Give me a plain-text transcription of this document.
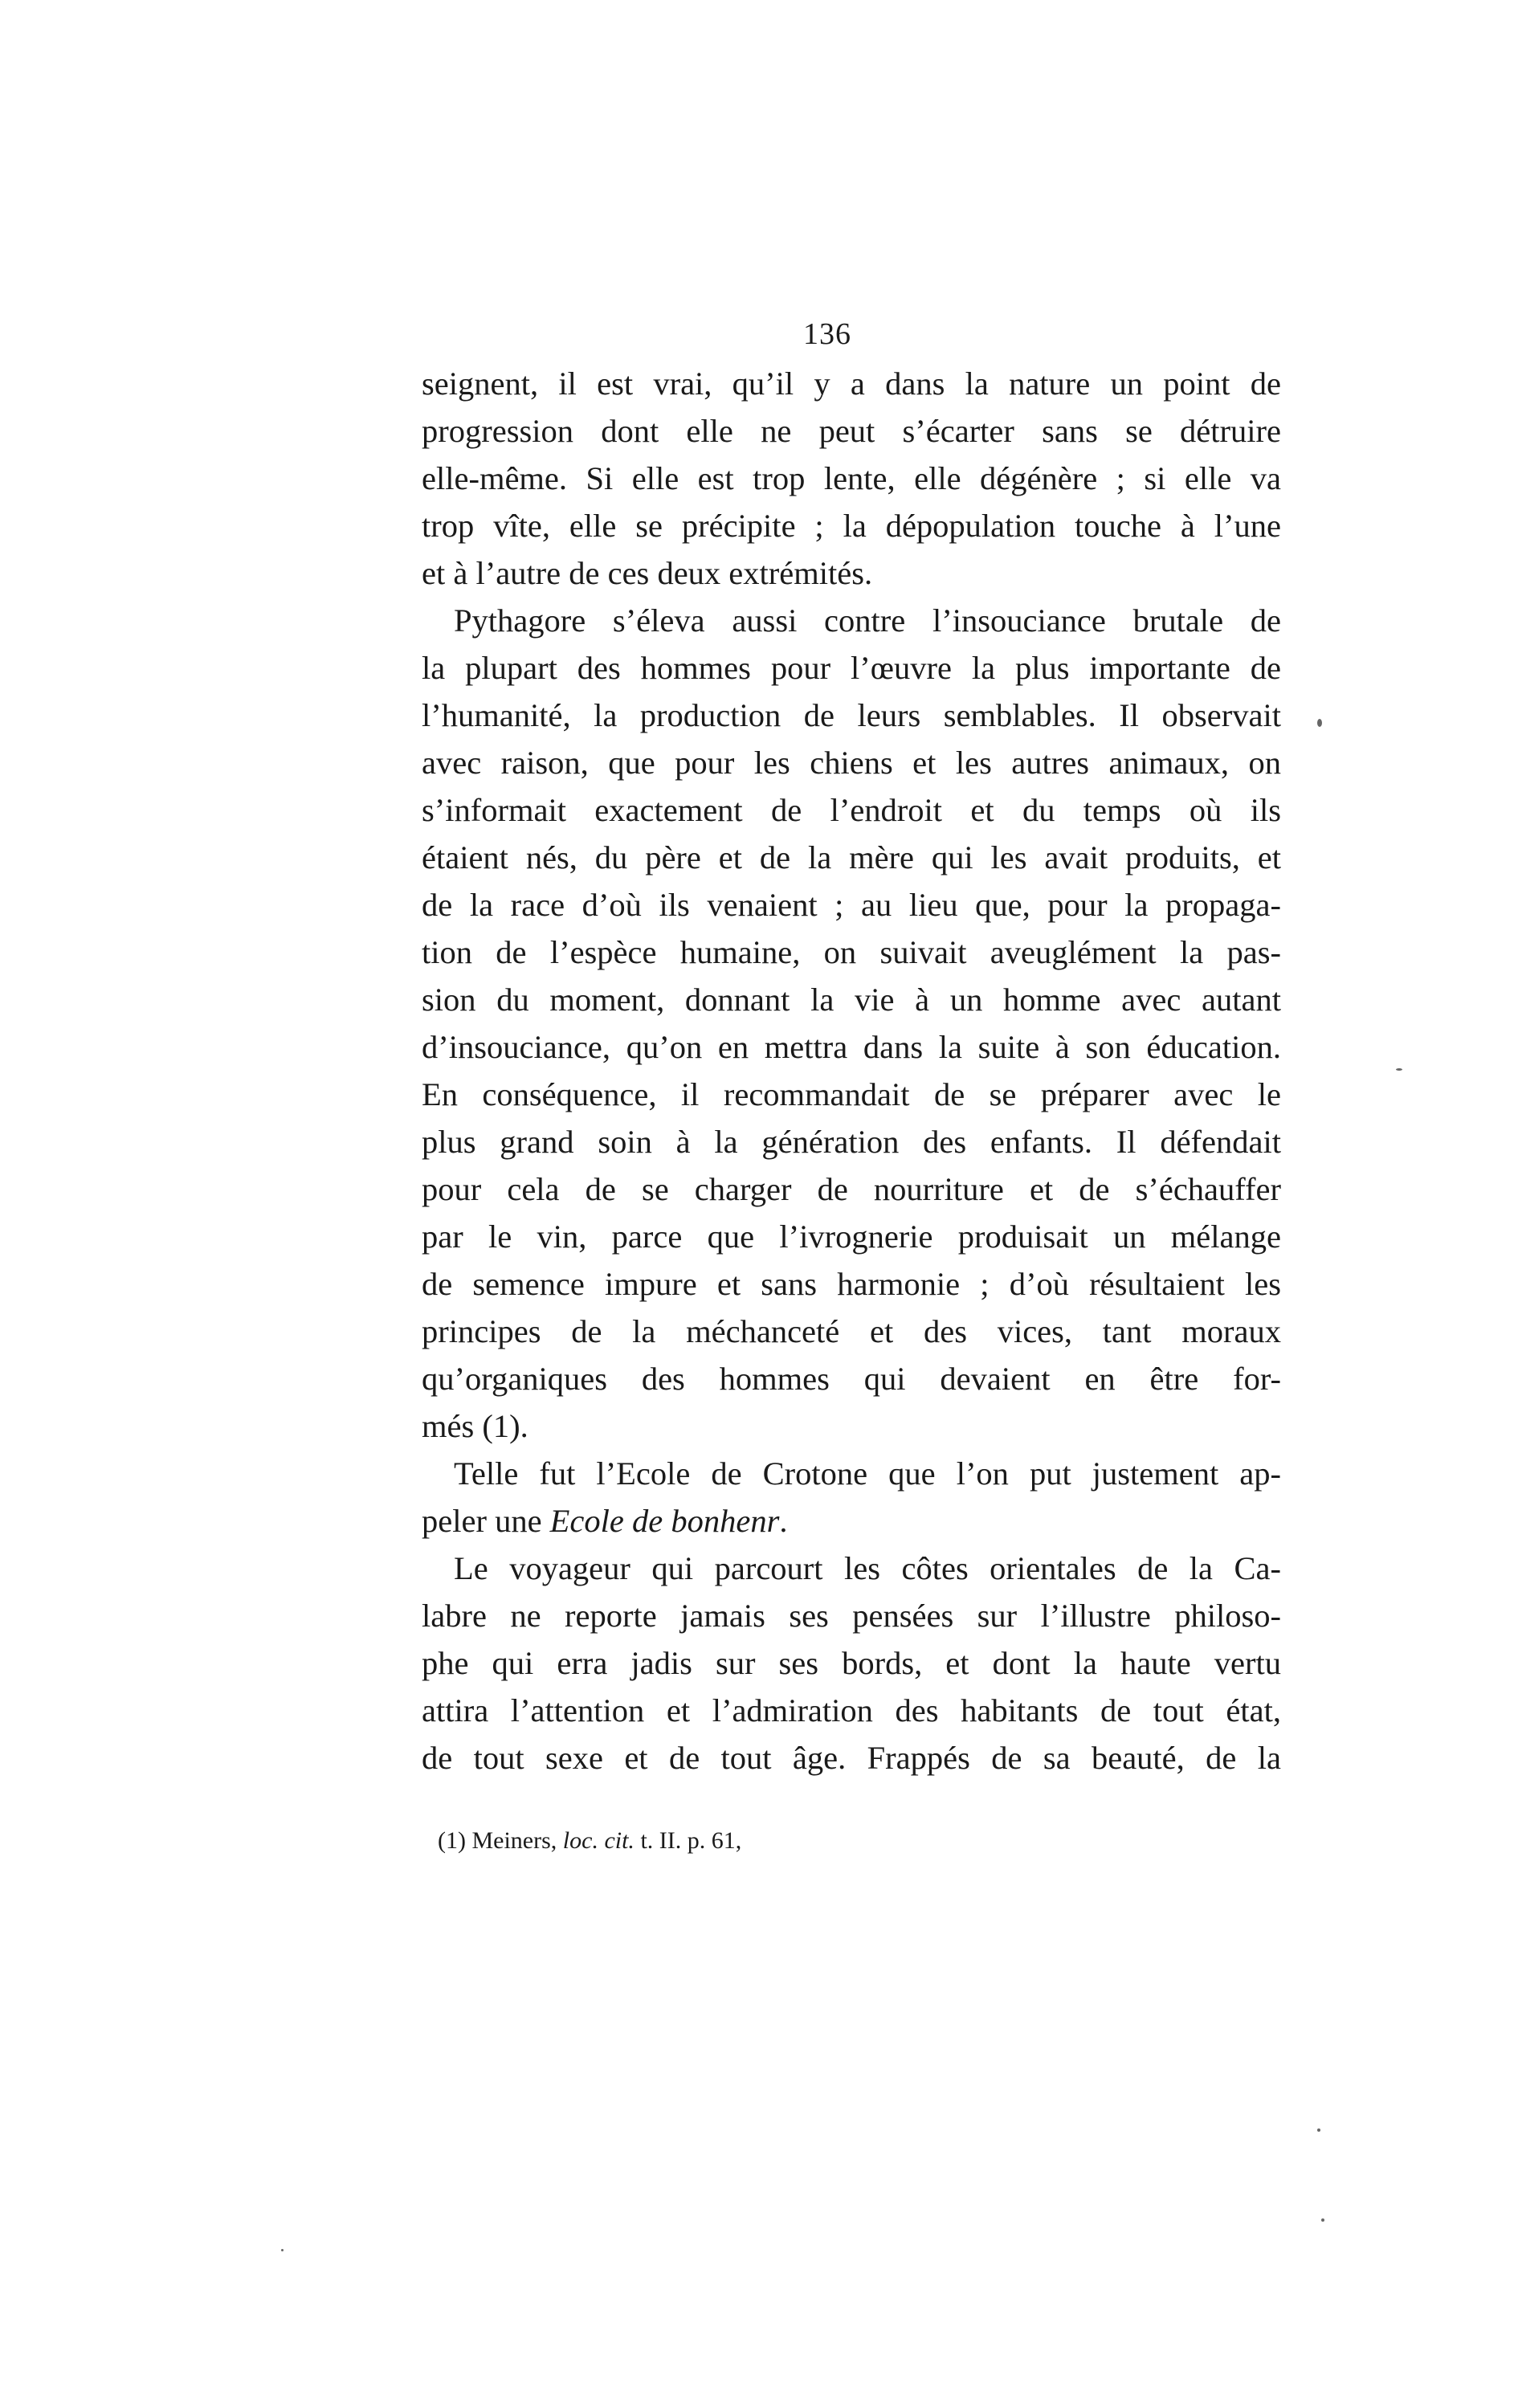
136
seignent, il est vrai, qu’il y a dans la nature un point de
progression dont elle ne peut s’écarter sans se détruire
elle-même. Si elle est trop lente, elle dégénère ; si elle va
trop vîte, elle se précipite ; la dépopulation touche à l’une
et à l’autre de ces deux extrémités.
Pythagore s’éleva aussi contre l’insouciance brutale de
la plupart des hommes pour l’œuvre la plus importante de
l’humanité, la production de leurs semblables. Il observait
avec raison, que pour les chiens et les autres animaux, on
s’informait exactement de l’endroit et du temps où ils
étaient nés, du père et de la mère qui les avait produits, et
de la race d’où ils venaient ; au lieu que, pour la propaga-
tion de l’espèce humaine, on suivait aveuglément la pas-
sion du moment, donnant la vie à un homme avec autant
d’insouciance, qu’on en mettra dans la suite à son éducation.
En conséquence, il recommandait de se préparer avec le
plus grand soin à la génération des enfants. Il défendait
pour cela de se charger de nourriture et de s’échauffer
par le vin, parce que l’ivrognerie produisait un mélange
de semence impure et sans harmonie ; d’où résultaient les
principes de la méchanceté et des vices, tant moraux
qu’organiques des hommes qui devaient en être for-
més (1).
Telle fut l’Ecole de Crotone que l’on put justement ap-
peler une Ecole de bonhenr.
Le voyageur qui parcourt les côtes orientales de la Ca-
labre ne reporte jamais ses pensées sur l’illustre philoso-
phe qui erra jadis sur ses bords, et dont la haute vertu
attira l’attention et l’admiration des habitants de tout état,
de tout sexe et de tout âge. Frappés de sa beauté, de la
(1) Meiners, loc. cit. t. II. p. 61,
